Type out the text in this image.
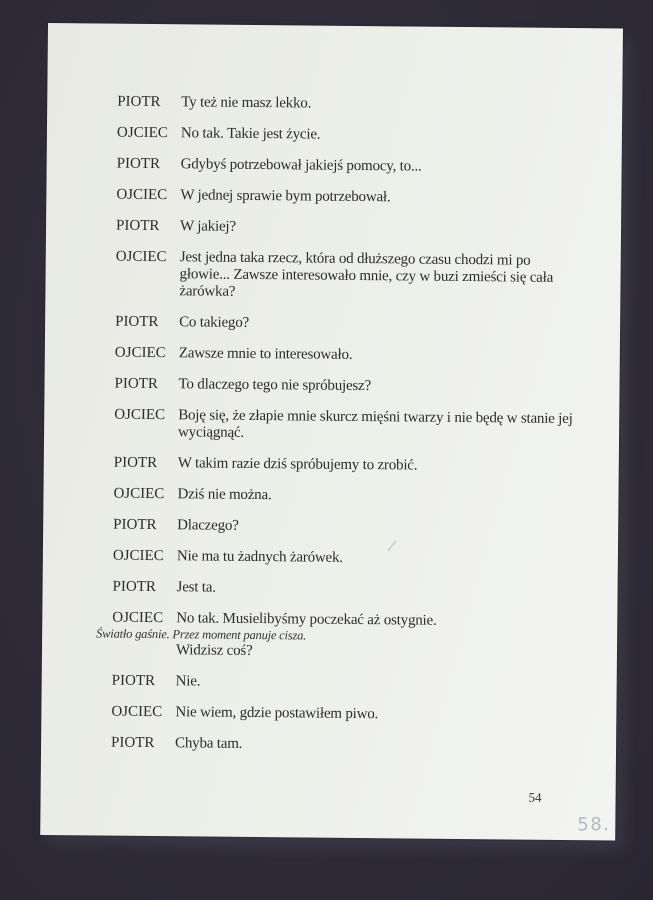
PIOTR	Ty też nie masz lekko.
OJCIEC No tak. Takie jest życie.
PIOTR	Gdybyś potrzebował jakiejś pomocy, to...
OJCIEC W jednej sprawie bym potrzebował.
PIOTR	W jakiej?
OJCIEC Jest jedna taka rzecz, która od dłuższego czasu chodzi mi po
głowie... Zawsze interesowało mnie, czy w buzi zmieści się cała
żarówka?
PIOTR	Co takiego?
OJCIEC Zawsze mnie to interesowało.
PIOTR	To dlaczego tego nie spróbujesz?
OJCIEC Boję się, że złapie mnie skurcz mięśni twarzy i nie będę w stanie jej
wyciągnąć.
PIOTR	W takim razie dziś spróbujemy to zrobić.
OJCIEC Dziś nie można.
PIOTR	Dlaczego?
OJCIEC Nie ma tu żadnych żarówek.
PIOTR	Jest ta.
OJCIEC No tak. Musielibyśmy poczekać aż ostygnie.
Światło gaśnie. Przez moment panuje cisza.
Widzisz coś?
PIOTR	Nie.
OJCIEC Nie wiem, gdzie postawiłem piwo.
PIOTR	Chyba tam.
54
58.
